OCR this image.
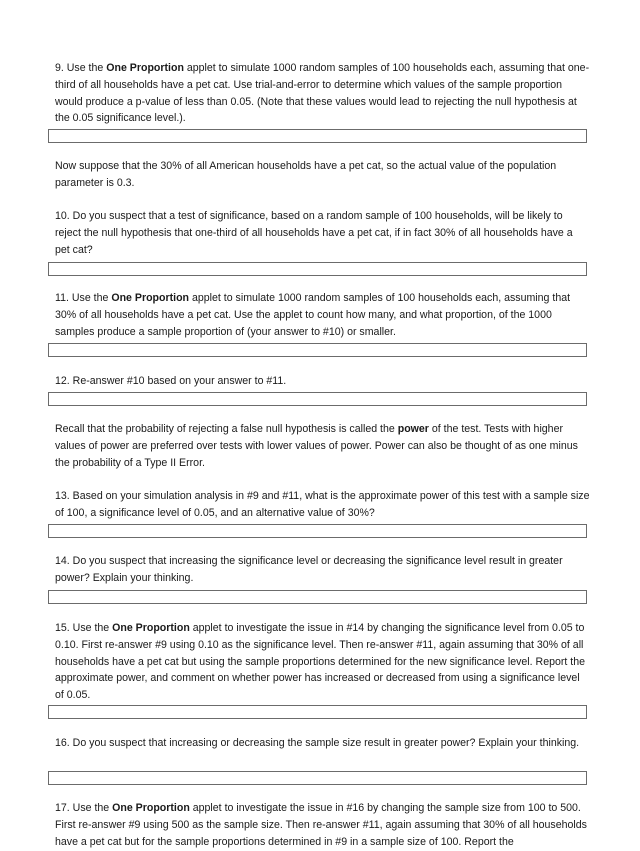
9. Use the One Proportion applet to simulate 1000 random samples of 100 households each, assuming that one-third of all households have a pet cat. Use trial-and-error to determine which values of the sample proportion would produce a p-value of less than 0.05. (Note that these values would lead to rejecting the null hypothesis at the 0.05 significance level.).

Now suppose that the 30% of all American households have a pet cat, so the actual value of the population parameter is 0.3.

10. Do you suspect that a test of significance, based on a random sample of 100 households, will be likely to reject the null hypothesis that one-third of all households have a pet cat, if in fact 30% of all households have a pet cat?

11. Use the One Proportion applet to simulate 1000 random samples of 100 households each, assuming that 30% of all households have a pet cat. Use the applet to count how many, and what proportion, of the 1000 samples produce a sample proportion of (your answer to #10) or smaller.

12. Re-answer #10 based on your answer to #11.

Recall that the probability of rejecting a false null hypothesis is called the power of the test. Tests with higher values of power are preferred over tests with lower values of power. Power can also be thought of as one minus the probability of a Type II Error.

13. Based on your simulation analysis in #9 and #11, what is the approximate power of this test with a sample size of 100, a significance level of 0.05, and an alternative value of 30%?

14. Do you suspect that increasing the significance level or decreasing the significance level result in greater power? Explain your thinking.

15. Use the One Proportion applet to investigate the issue in #14 by changing the significance level from 0.05 to 0.10. First re-answer #9 using 0.10 as the significance level. Then re-answer #11, again assuming that 30% of all households have a pet cat but using the sample proportions determined for the new significance level. Report the approximate power, and comment on whether power has increased or decreased from using a significance level of 0.05.

16. Do you suspect that increasing or decreasing the sample size result in greater power? Explain your thinking.

17. Use the One Proportion applet to investigate the issue in #16 by changing the sample size from 100 to 500. First re-answer #9 using 500 as the sample size. Then re-answer #11, again assuming that 30% of all households have a pet cat but for the sample proportions determined in #9 in a sample size of 100. Report the
